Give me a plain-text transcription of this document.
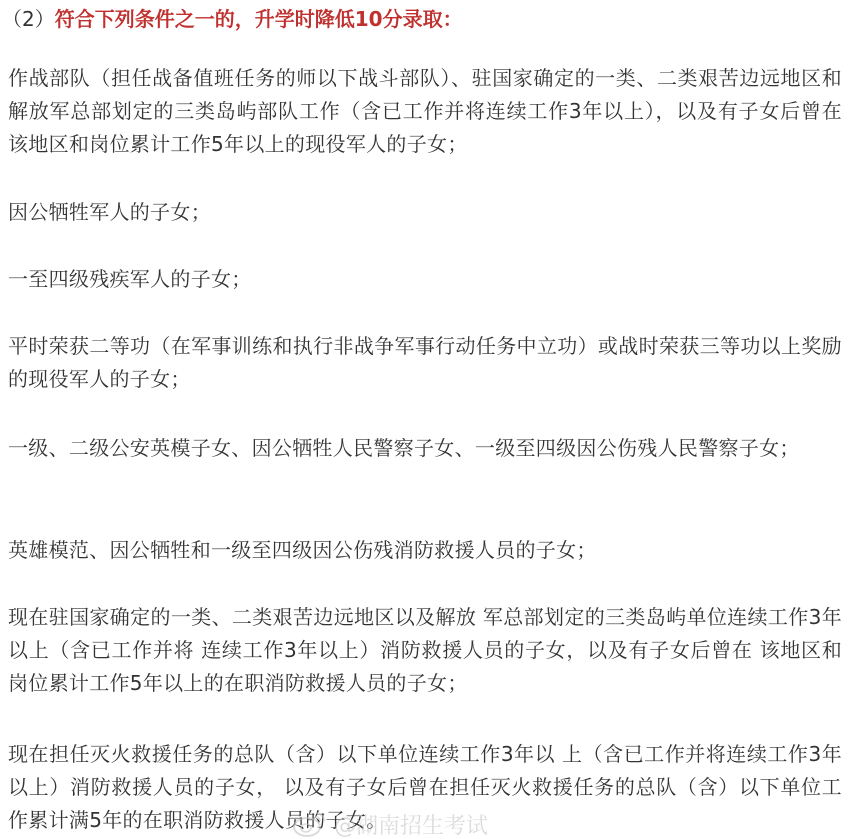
（2）符合下列条件之一的，升学时降低10分录取：

作战部队（担任战备值班任务的师以下战斗部队）、驻国家确定的一类、二类艰苦边远地区和解放军总部划定的三类岛屿部队工作（含已工作并将连续工作3年以上），以及有子女后曾在该地区和岗位累计工作5年以上的现役军人的子女；

因公牺牲军人的子女；

一至四级残疾军人的子女；

平时荣获二等功（在军事训练和执行非战争军事行动任务中立功）或战时荣获三等功以上奖励的现役军人的子女；

一级、二级公安英模子女、因公牺牲人民警察子女、一级至四级因公伤残人民警察子女；

英雄模范、因公牺牲和一级至四级因公伤残消防救援人员的子女；

现在驻国家确定的一类、二类艰苦边远地区以及解放 军总部划定的三类岛屿单位连续工作3年以上（含已工作并将 连续工作3年以上）消防救援人员的子女，以及有子女后曾在 该地区和岗位累计工作5年以上的在职消防救援人员的子女；

现在担任灭火救援任务的总队（含）以下单位连续工作3年以 上（含已工作并将连续工作3年以上）消防救援人员的子女， 以及有子女后曾在担任灭火救援任务的总队（含）以下单位工 作累计满5年的在职消防救援人员的子女。

@湖南招生考试
